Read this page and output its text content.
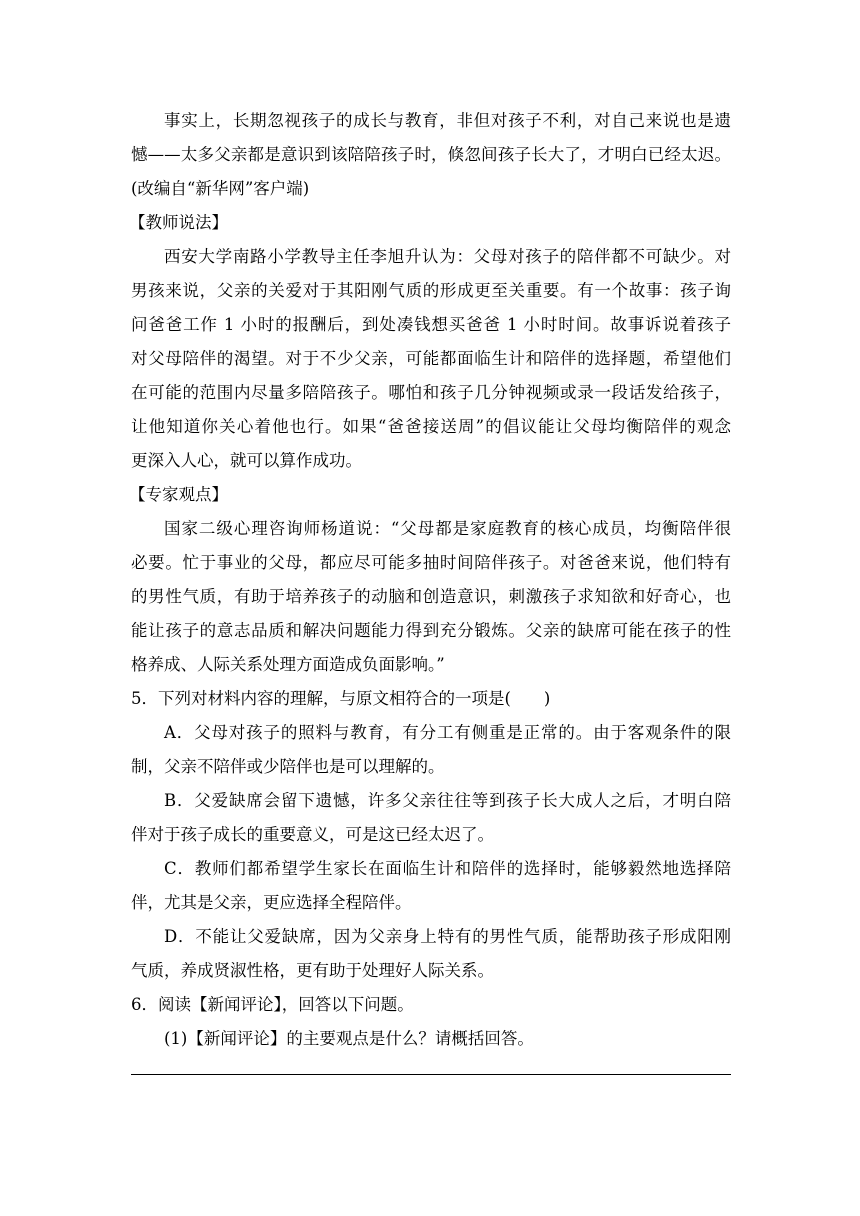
事实上，长期忽视孩子的成长与教育，非但对孩子不利，对自己来说也是遗
憾——太多父亲都是意识到该陪陪孩子时，倏忽间孩子长大了，才明白已经太迟。
(改编自“新华网”客户端)
【教师说法】
西安大学南路小学教导主任李旭升认为：父母对孩子的陪伴都不可缺少。对
男孩来说，父亲的关爱对于其阳刚气质的形成更至关重要。有一个故事：孩子询
问爸爸工作 1 小时的报酬后，到处凑钱想买爸爸 1 小时时间。故事诉说着孩子
对父母陪伴的渴望。对于不少父亲，可能都面临生计和陪伴的选择题，希望他们
在可能的范围内尽量多陪陪孩子。哪怕和孩子几分钟视频或录一段话发给孩子，
让他知道你关心着他也行。如果“爸爸接送周”的倡议能让父母均衡陪伴的观念
更深入人心，就可以算作成功。
【专家观点】
国家二级心理咨询师杨道说：“父母都是家庭教育的核心成员，均衡陪伴很
必要。忙于事业的父母，都应尽可能多抽时间陪伴孩子。对爸爸来说，他们特有
的男性气质，有助于培养孩子的动脑和创造意识，刺激孩子求知欲和好奇心，也
能让孩子的意志品质和解决问题能力得到充分锻炼。父亲的缺席可能在孩子的性
格养成、人际关系处理方面造成负面影响。”
5．下列对材料内容的理解，与原文相符合的一项是(　　)
A．父母对孩子的照料与教育，有分工有侧重是正常的。由于客观条件的限
制，父亲不陪伴或少陪伴也是可以理解的。
B．父爱缺席会留下遗憾，许多父亲往往等到孩子长大成人之后，才明白陪
伴对于孩子成长的重要意义，可是这已经太迟了。
C．教师们都希望学生家长在面临生计和陪伴的选择时，能够毅然地选择陪
伴，尤其是父亲，更应选择全程陪伴。
D．不能让父爱缺席，因为父亲身上特有的男性气质，能帮助孩子形成阳刚
气质，养成贤淑性格，更有助于处理好人际关系。
6．阅读【新闻评论】，回答以下问题。
(1)【新闻评论】的主要观点是什么？请概括回答。
